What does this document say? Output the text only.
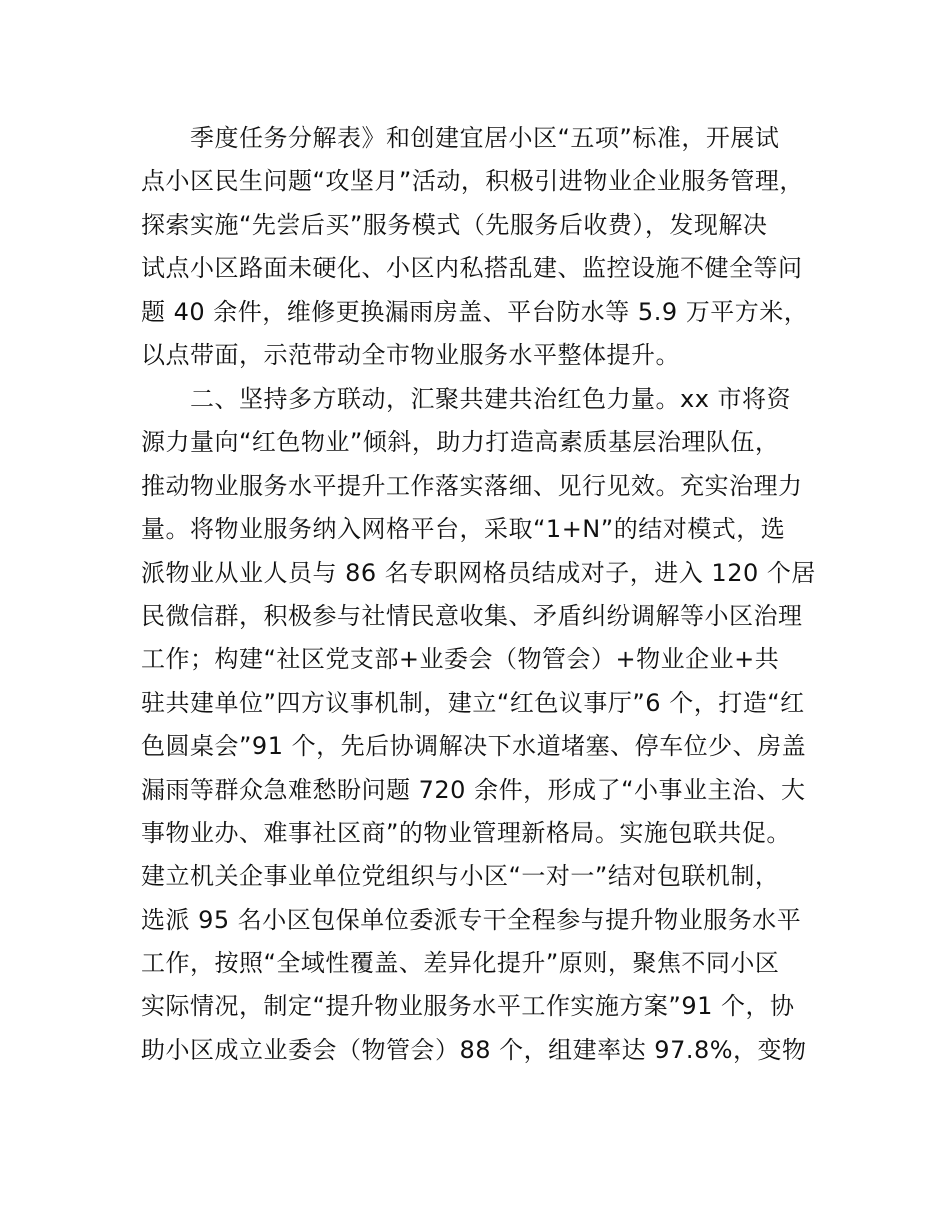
　　季度任务分解表》和创建宜居小区“五项”标准，开展试
点小区民生问题“攻坚月”活动，积极引进物业企业服务管理，
探索实施“先尝后买”服务模式（先服务后收费），发现解决
试点小区路面未硬化、小区内私搭乱建、监控设施不健全等问
题 40 余件，维修更换漏雨房盖、平台防水等 5.9 万平方米，
以点带面，示范带动全市物业服务水平整体提升。
　　二、坚持多方联动，汇聚共建共治红色力量。xx 市将资
源力量向“红色物业”倾斜，助力打造高素质基层治理队伍，
推动物业服务水平提升工作落实落细、见行见效。充实治理力
量。将物业服务纳入网格平台，采取“1+N”的结对模式，选
派物业从业人员与 86 名专职网格员结成对子，进入 120 个居
民微信群，积极参与社情民意收集、矛盾纠纷调解等小区治理
工作；构建“社区党支部+业委会（物管会）+物业企业+共
驻共建单位”四方议事机制，建立“红色议事厅”6 个，打造“红
色圆桌会”91 个，先后协调解决下水道堵塞、停车位少、房盖
漏雨等群众急难愁盼问题 720 余件，形成了“小事业主治、大
事物业办、难事社区商”的物业管理新格局。实施包联共促。
建立机关企事业单位党组织与小区“一对一”结对包联机制，
选派 95 名小区包保单位委派专干全程参与提升物业服务水平
工作，按照“全域性覆盖、差异化提升”原则，聚焦不同小区
实际情况，制定“提升物业服务水平工作实施方案”91 个，协
助小区成立业委会（物管会）88 个，组建率达 97.8%，变物
